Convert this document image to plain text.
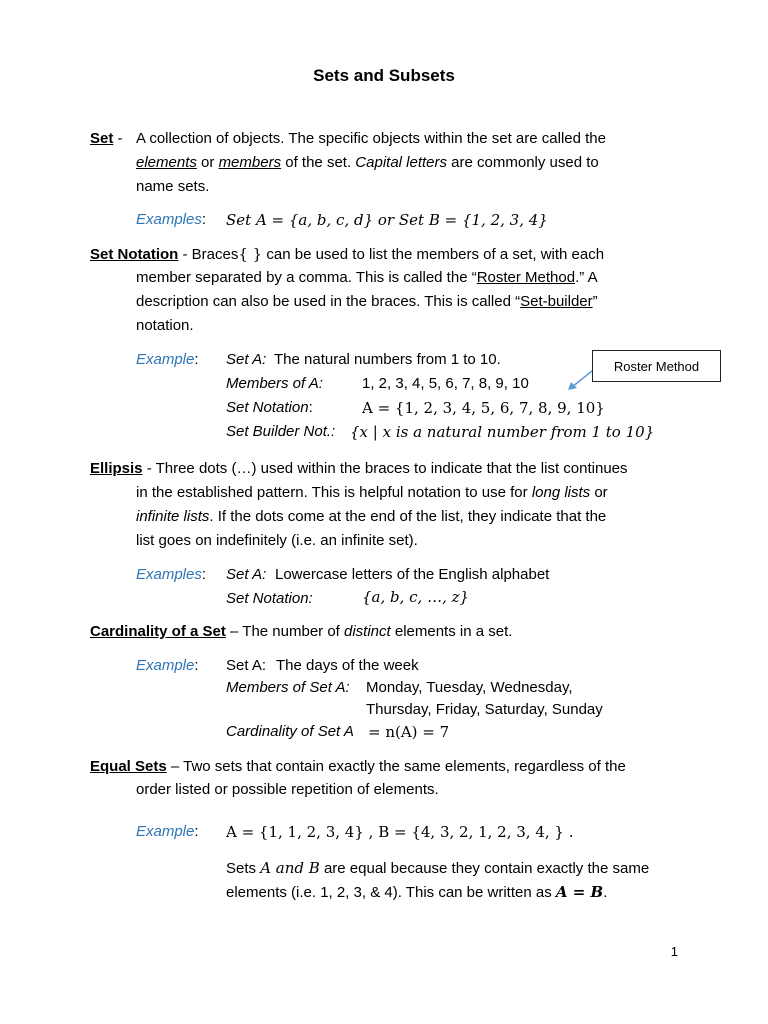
Sets and Subsets
Set - A collection of objects. The specific objects within the set are called the
elements or members of the set. Capital letters are commonly used to
name sets.
Examples: Set A = {a, b, c, d} or Set B = {1, 2, 3, 4}
Set Notation - Braces{ } can be used to list the members of a set, with each
member separated by a comma. This is called the “Roster Method.” A
description can also be used in the braces. This is called “Set-builder”
notation.
Example: Set A: The natural numbers from 1 to 10.
Members of A:	1, 2, 3, 4, 5, 6, 7, 8, 9, 10
Set Notation:	A = {1, 2, 3, 4, 5, 6, 7, 8, 9, 10}
Set Builder Not.: {x | x is a natural number from 1 to 10}
Roster Method
Ellipsis - Three dots (…) used within the braces to indicate that the list continues
in the established pattern. This is helpful notation to use for long lists or
infinite lists. If the dots come at the end of the list, they indicate that the
list goes on indefinitely (i.e. an infinite set).
Examples: Set A: Lowercase letters of the English alphabet
Set Notation:	{a, b, c, …, z}
Cardinality of a Set – The number of distinct elements in a set.
Example: Set A: The days of the week
Members of Set A: Monday, Tuesday, Wednesday,
Thursday, Friday, Saturday, Sunday
Cardinality of Set A = n(A) = 7
Equal Sets – Two sets that contain exactly the same elements, regardless of the
order listed or possible repetition of elements.
Example: A = {1, 1, 2, 3, 4} , B = {4, 3, 2, 1, 2, 3, 4, } .
Sets A and B are equal because they contain exactly the same
elements (i.e. 1, 2, 3, & 4). This can be written as A = B.
1
